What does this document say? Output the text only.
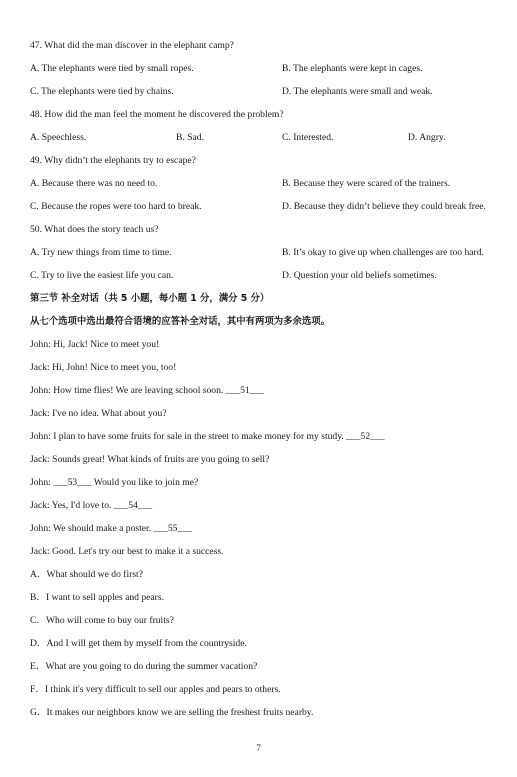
47. What did the man discover in the elephant camp?
A. The elephants were tied by small ropes.	B. The elephants were kept in cages.
C. The elephants were tied by chains.	D. The elephants were small and weak.
48. How did the man feel the moment he discovered the problem?
A. Speechless.	B. Sad.	C. Interested.	D. Angry.
49. Why didn’t the elephants try to escape?
A. Because there was no need to.	B. Because they were scared of the trainers.
C. Because the ropes were too hard to break.	D. Because they didn’t believe they could break free.
50. What does the story teach us?
A. Try new things from time to time.	B. It’s okay to give up when challenges are too hard.
C. Try to live the easiest life you can.	D. Question your old beliefs sometimes.
第三节 补全对话（共 5 小题，每小题 1 分，满分 5 分）
从七个选项中选出最符合语境的应答补全对话，其中有两项为多余选项。
John: Hi, Jack! Nice to meet you!
Jack: Hi, John! Nice to meet you, too!
John: How time flies! We are leaving school soon. ___51___
Jack: I've no idea. What about you?
John: I plan to have some fruits for sale in the street to make money for my study. ___52___
Jack: Sounds great! What kinds of fruits are you going to sell?
John: ___53___ Would you like to join me?
Jack: Yes, I'd love to. ___54___
John: We should make a poster. ___55___
Jack: Good. Let's try our best to make it a success.
A．What should we do first?
B．I want to sell apples and pears.
C．Who will come to buy our fruits?
D．And I will get them by myself from the countryside.
E．What are you going to do during the summer vacation?
F．I think it's very difficult to sell our apples and pears to others.
G．It makes our neighbors know we are selling the freshest fruits nearby.
7
